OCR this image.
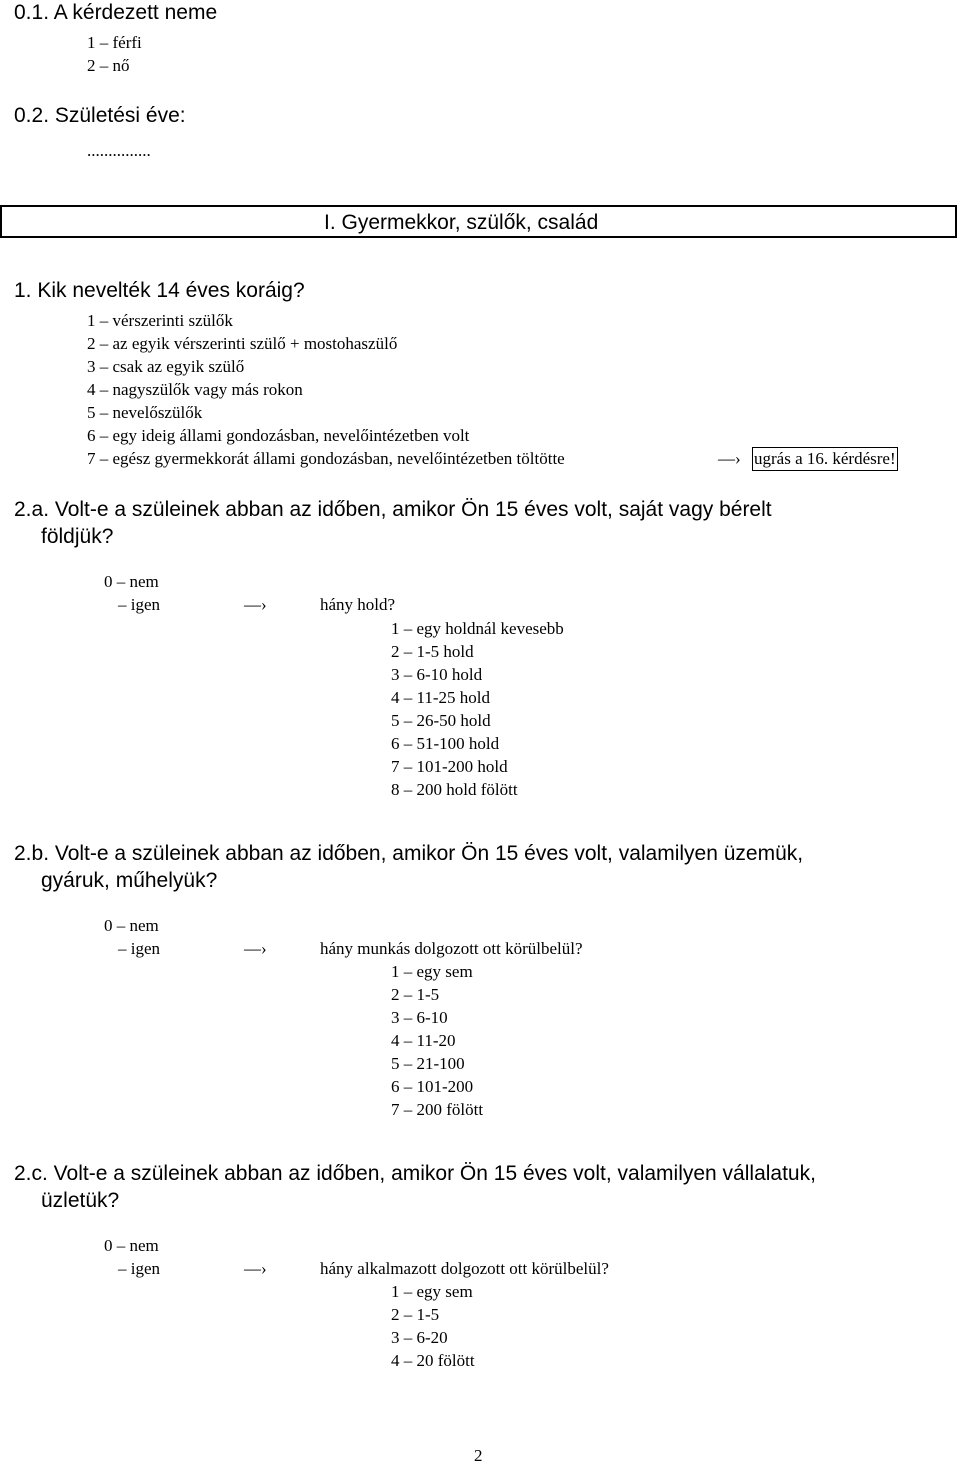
0.1. A kérdezett neme
1 – férfi
2 – nő
0.2. Születési éve:
...............
I. Gyermekkor, szülők, család
1. Kik nevelték 14 éves koráig?
1 – vérszerinti szülők
2 – az egyik vérszerinti szülő + mostohaszülő
3 – csak az egyik szülő
4 – nagyszülők vagy más rokon
5 – nevelőszülők
6 – egy ideig állami gondozásban, nevelőintézetben volt
7 – egész gyermekkorát állami gondozásban, nevelőintézetben töltötte	—› ugrás a 16. kérdésre!
2.a. Volt-e a szüleinek abban az időben, amikor Ön 15 éves volt, saját vagy bérelt
földjük?
0 – nem
– igen	—›	hány hold?
1 – egy holdnál kevesebb
2 – 1-5 hold
3 – 6-10 hold
4 – 11-25 hold
5 – 26-50 hold
6 – 51-100 hold
7 – 101-200 hold
8 – 200 hold fölött
2.b. Volt-e a szüleinek abban az időben, amikor Ön 15 éves volt, valamilyen üzemük,
gyáruk, műhelyük?
0 – nem
– igen	—›	hány munkás dolgozott ott körülbelül?
1 – egy sem
2 – 1-5
3 – 6-10
4 – 11-20
5 – 21-100
6 – 101-200
7 – 200 fölött
2.c. Volt-e a szüleinek abban az időben, amikor Ön 15 éves volt, valamilyen vállalatuk,
üzletük?
0 – nem
– igen	—›	hány alkalmazott dolgozott ott körülbelül?
1 – egy sem
2 – 1-5
3 – 6-20
4 – 20 fölött
2
